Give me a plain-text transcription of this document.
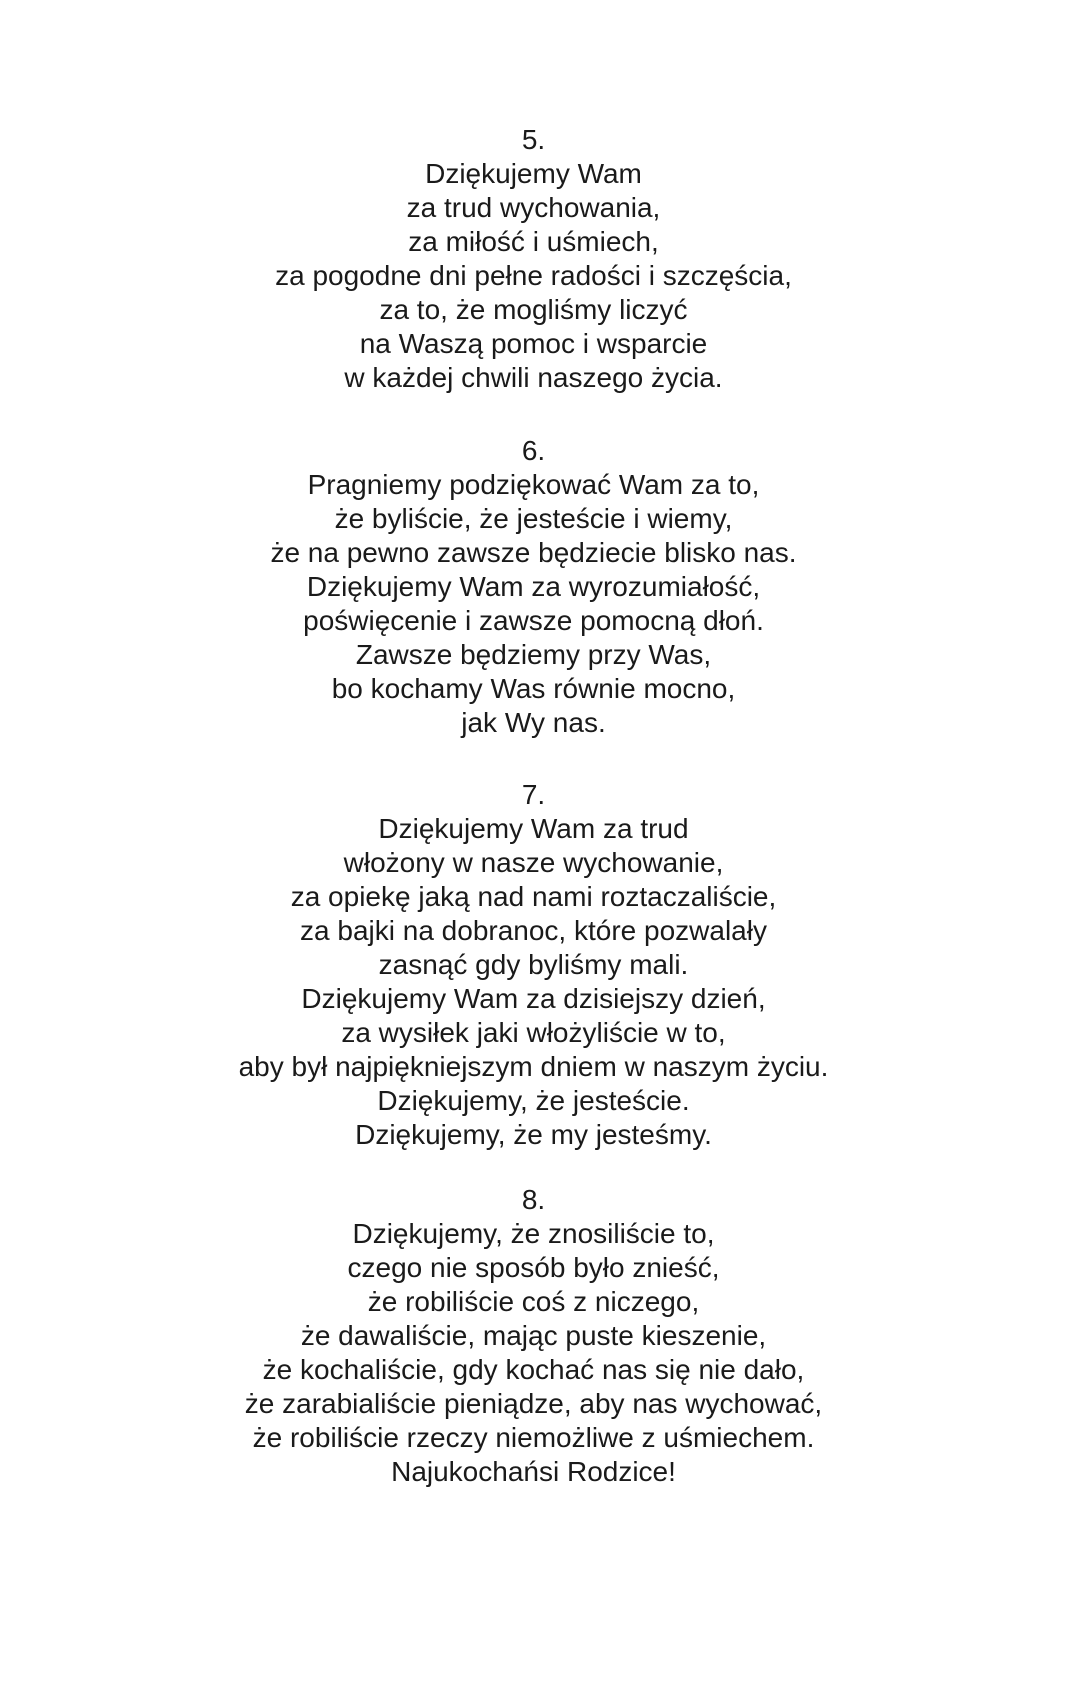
5.
Dziękujemy Wam
za trud wychowania,
za miłość i uśmiech,
za pogodne dni pełne radości i szczęścia,
za to, że mogliśmy liczyć
na Waszą pomoc i wsparcie
w każdej chwili naszego życia.
6.
Pragniemy podziękować Wam za to,
że byliście, że jesteście i wiemy,
że na pewno zawsze będziecie blisko nas.
Dziękujemy Wam za wyrozumiałość,
poświęcenie i zawsze pomocną dłoń.
Zawsze będziemy przy Was,
bo kochamy Was równie mocno,
jak Wy nas.
7.
Dziękujemy Wam za trud
włożony w nasze wychowanie,
za opiekę jaką nad nami roztaczaliście,
za bajki na dobranoc, które pozwalały
zasnąć gdy byliśmy mali.
Dziękujemy Wam za dzisiejszy dzień,
za wysiłek jaki włożyliście w to,
aby był najpiękniejszym dniem w naszym życiu.
Dziękujemy, że jesteście.
Dziękujemy, że my jesteśmy.
8.
Dziękujemy, że znosiliście to,
czego nie sposób było znieść,
że robiliście coś z niczego,
że dawaliście, mając puste kieszenie,
że kochaliście, gdy kochać nas się nie dało,
że zarabialiście pieniądze, aby nas wychować,
że robiliście rzeczy niemożliwe z uśmiechem.
Najukochańsi Rodzice!
